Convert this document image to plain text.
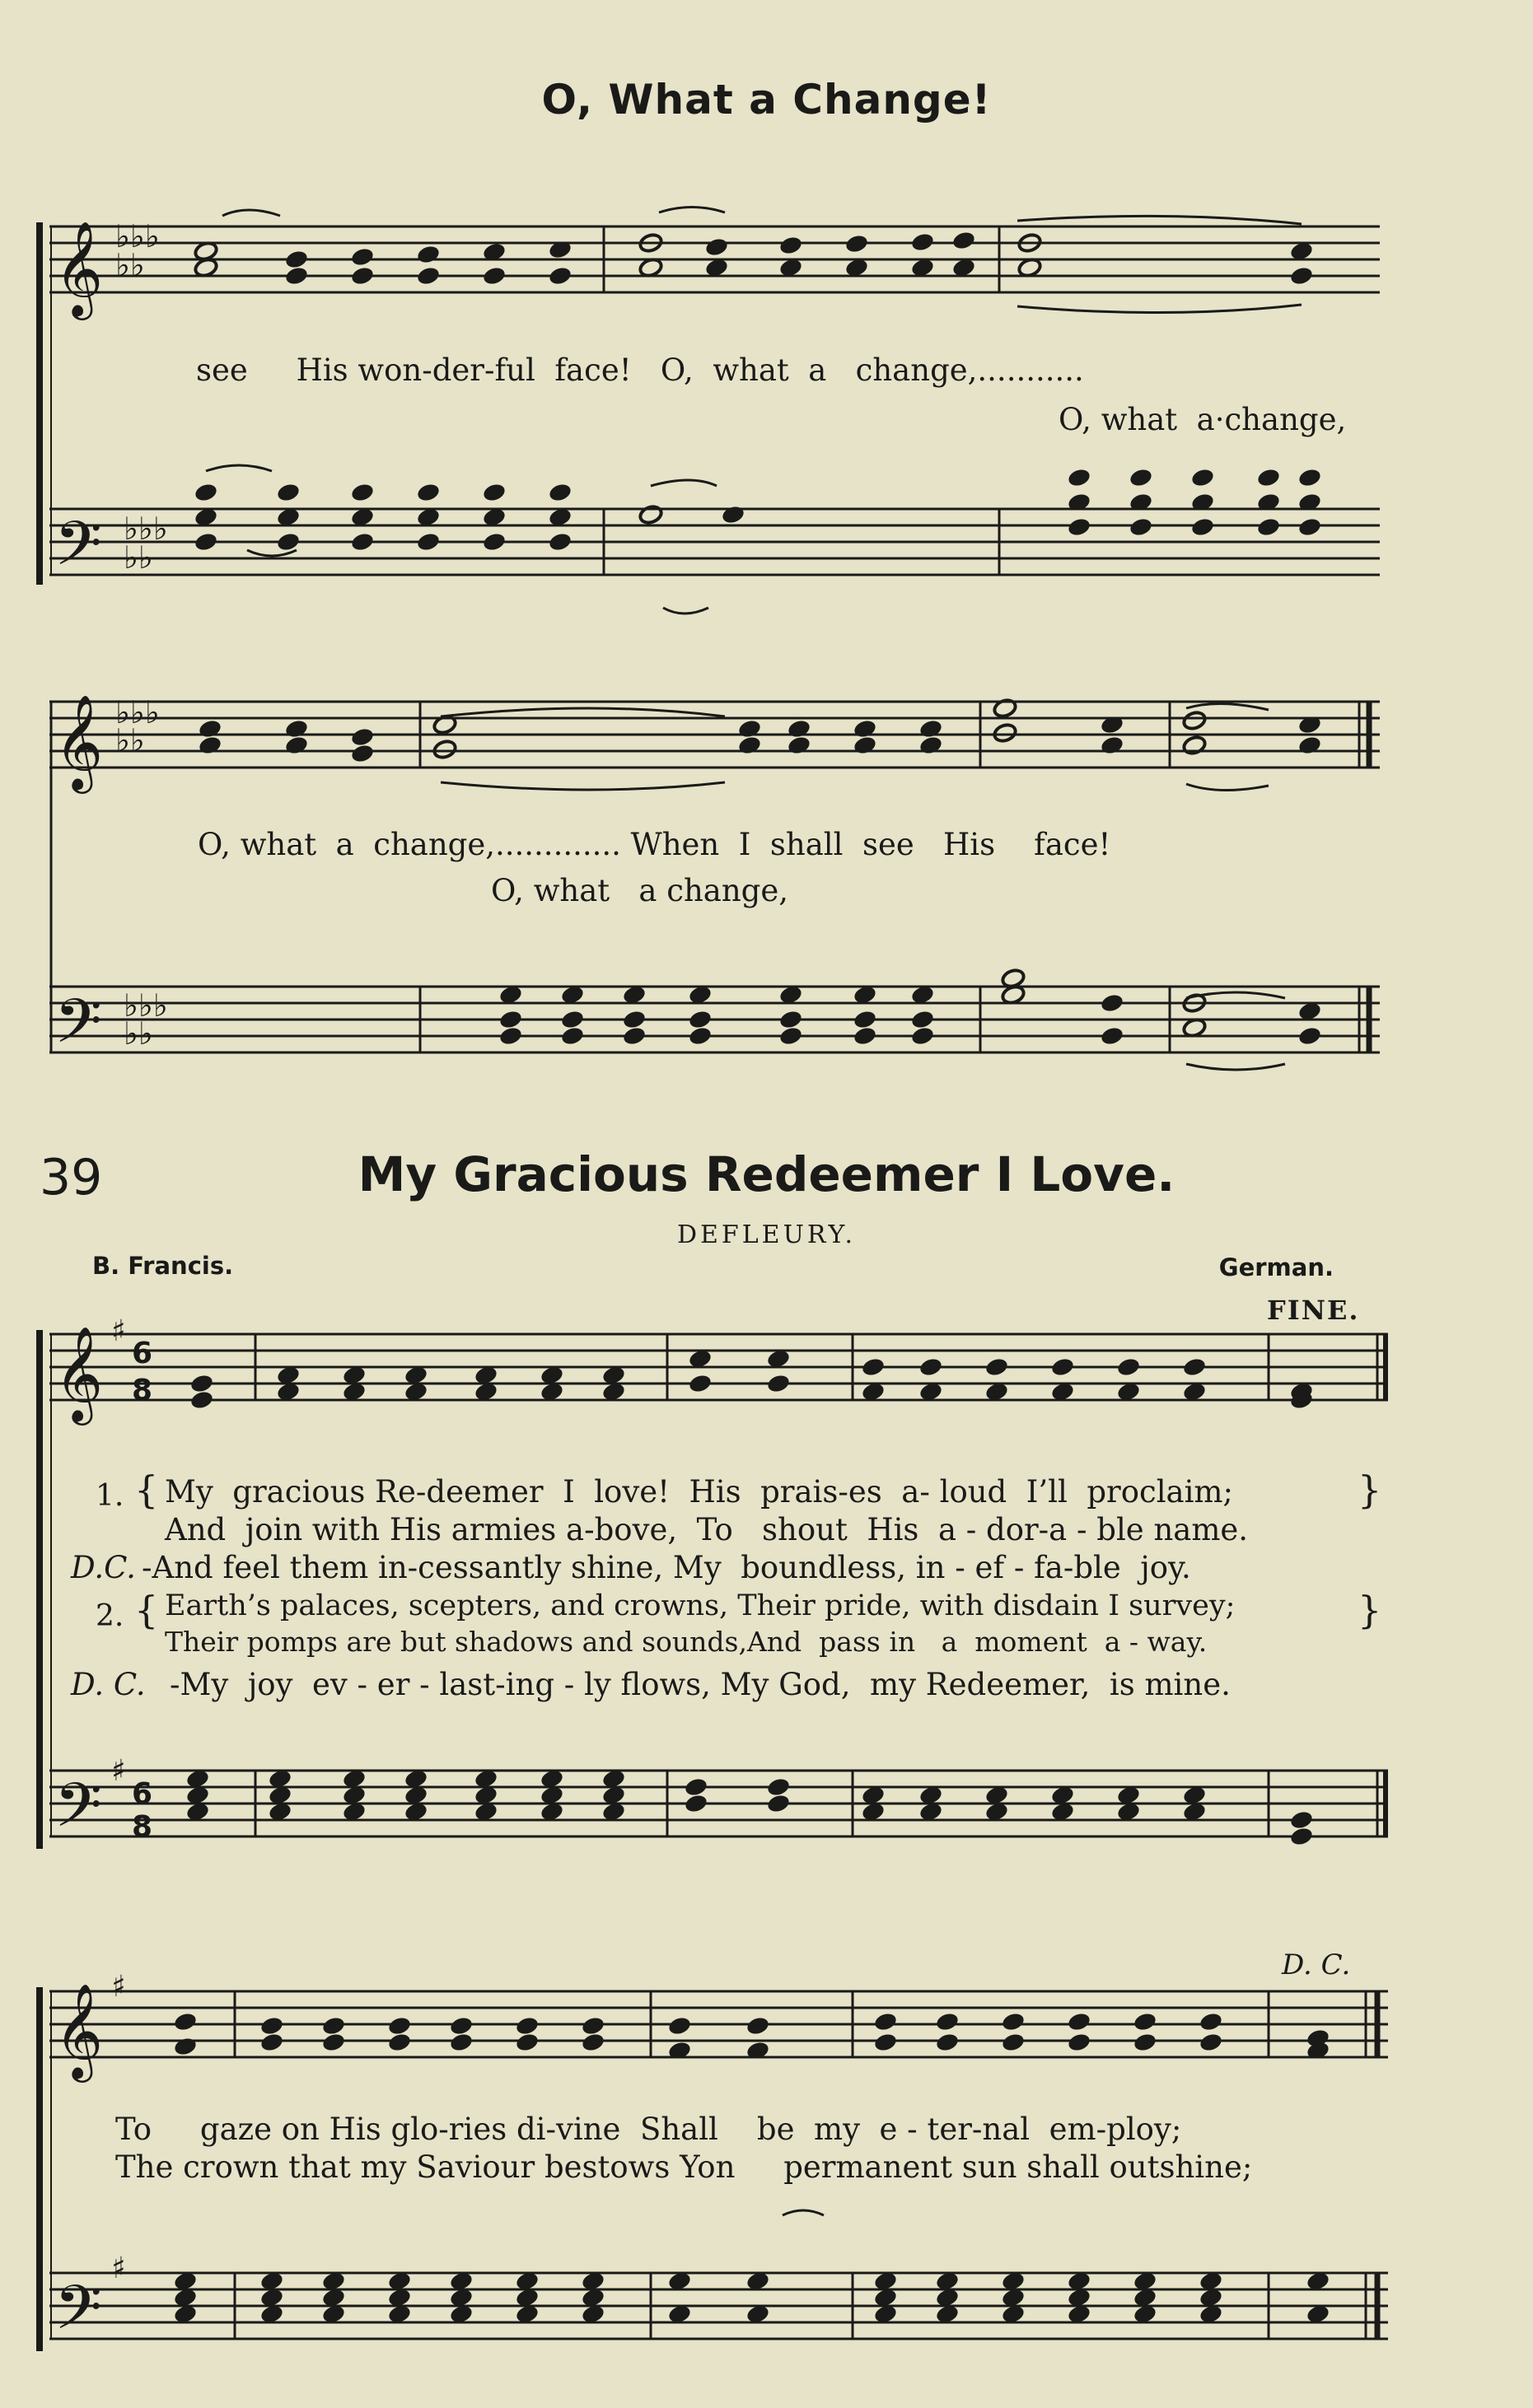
O, What a Change!
𝄞
𝄢
𝄞
𝄢
𝄞
𝄢
𝄞
𝄢
♭♭♭
♭♭
♭♭♭
♭♭
♭♭♭
♭♭
♭♭♭
♭♭
♯
6
8
♯
6
8
♯
♯
see     His won-der-ful  face!   O,  what  a   change,...........
O, what  a·change,
O, what  a  change,............. When  I  shall  see   His    face!
O, what   a change,
39	My Gracious Redeemer I Love.
DEFLEURY.
B. Francis.	German.
FINE.
1. { My  gracious Re-deemer  I  love!  His  prais-es  a- loud  I’ll  proclaim;
And  join with His armies a-bove,  To   shout  His  a - dor-a - ble name.
}
D.C. -And feel them in-cessantly shine, My  boundless, in - ef - fa-ble  joy.
2. { Earth’s palaces, scepters, and crowns, Their pride, with disdain I survey;
Their pomps are but shadows and sounds,And  pass in   a  moment  a - way.
}
D. C. -My  joy  ev - er - last-ing - ly flows, My God,  my Redeemer,  is mine.
D. C.
To     gaze on His glo-ries di-vine  Shall    be  my  e - ter-nal  em-ploy;
The crown that my Saviour bestows Yon     permanent sun shall outshine;
